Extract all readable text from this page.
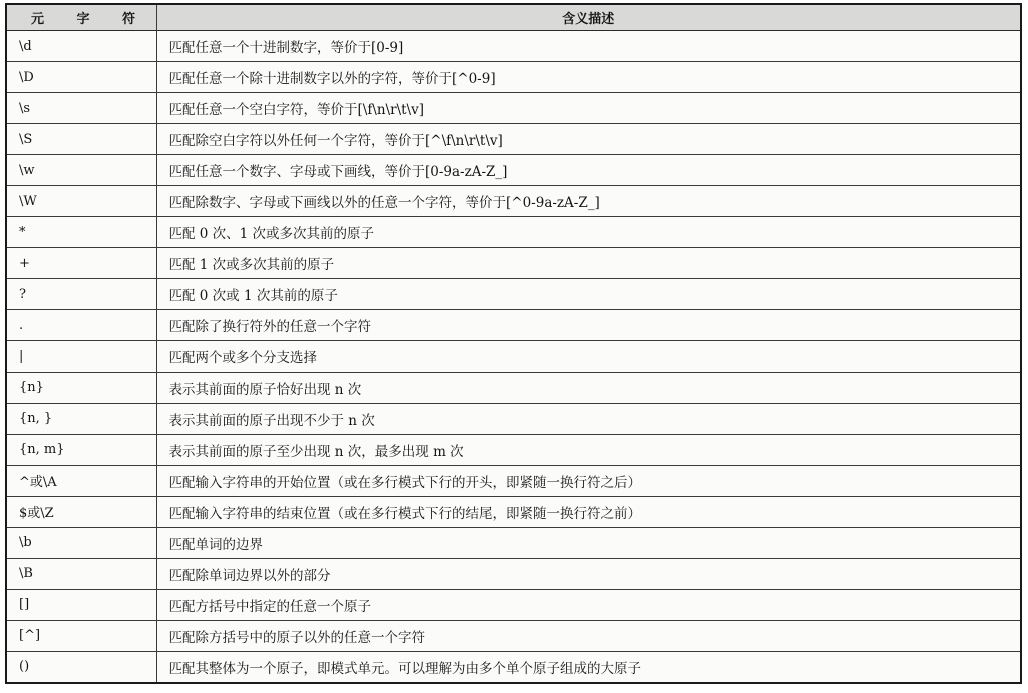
元 字 符	含义描述
\d	匹配任意一个十进制数字，等价于[0-9]
\D	匹配任意一个除十进制数字以外的字符，等价于[^0-9]
\s	匹配任意一个空白字符，等价于[\f\n\r\t\v]
\S	匹配除空白字符以外任何一个字符，等价于[^\f\n\r\t\v]
\w	匹配任意一个数字、字母或下画线，等价于[0-9a-zA-Z_]
\W	匹配除数字、字母或下画线以外的任意一个字符，等价于[^0-9a-zA-Z_]
*	匹配 0 次、1 次或多次其前的原子
+	匹配 1 次或多次其前的原子
?	匹配 0 次或 1 次其前的原子
.	匹配除了换行符外的任意一个字符
|	匹配两个或多个分支选择
{n}	表示其前面的原子恰好出现 n 次
{n, }	表示其前面的原子出现不少于 n 次
{n, m}	表示其前面的原子至少出现 n 次，最多出现 m 次
^或\A	匹配输入字符串的开始位置（或在多行模式下行的开头，即紧随一换行符之后）
$或\Z	匹配输入字符串的结束位置（或在多行模式下行的结尾，即紧随一换行符之前）
\b	匹配单词的边界
\B	匹配除单词边界以外的部分
[]	匹配方括号中指定的任意一个原子
[^]	匹配除方括号中的原子以外的任意一个字符
()	匹配其整体为一个原子，即模式单元。可以理解为由多个单个原子组成的大原子
